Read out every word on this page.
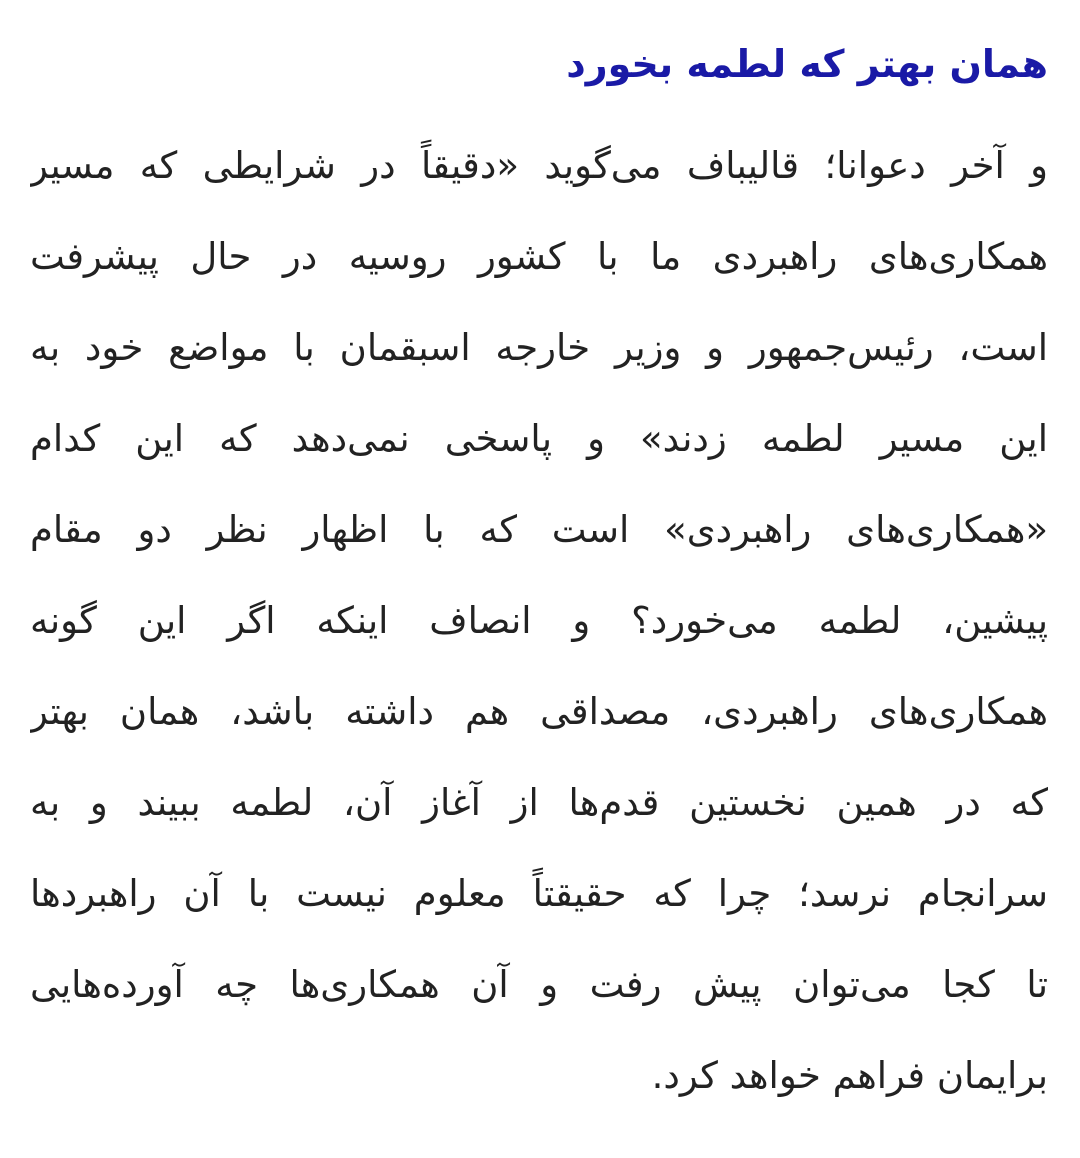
همان بهتر که لطمه بخورد
و آخر دعوانا؛ قالیباف می‌گوید «دقیقاً در شرایطی که مسیر
همکاری‌های راهبردی ما با کشور روسیه در حال پیشرفت
است، رئیس‌جمهور و وزیر خارجه اسبقمان با مواضع خود به
این مسیر لطمه زدند» و پاسخی نمی‌دهد که این کدام
«همکاری‌های راهبردی» است که با اظهار نظر دو مقام
پیشین، لطمه می‌خورد؟ و انصاف اینکه اگر این گونه
همکاری‌های راهبردی، مصداقی هم داشته باشد، همان بهتر
که در همین نخستین قدم‌ها از آغاز آن، لطمه ببیند و به
سرانجام نرسد؛ چرا که حقیقتاً معلوم نیست با آن راهبردها
تا کجا می‌توان پیش رفت و آن همکاری‌ها چه آورده‌هایی
برایمان فراهم خواهد کرد.
